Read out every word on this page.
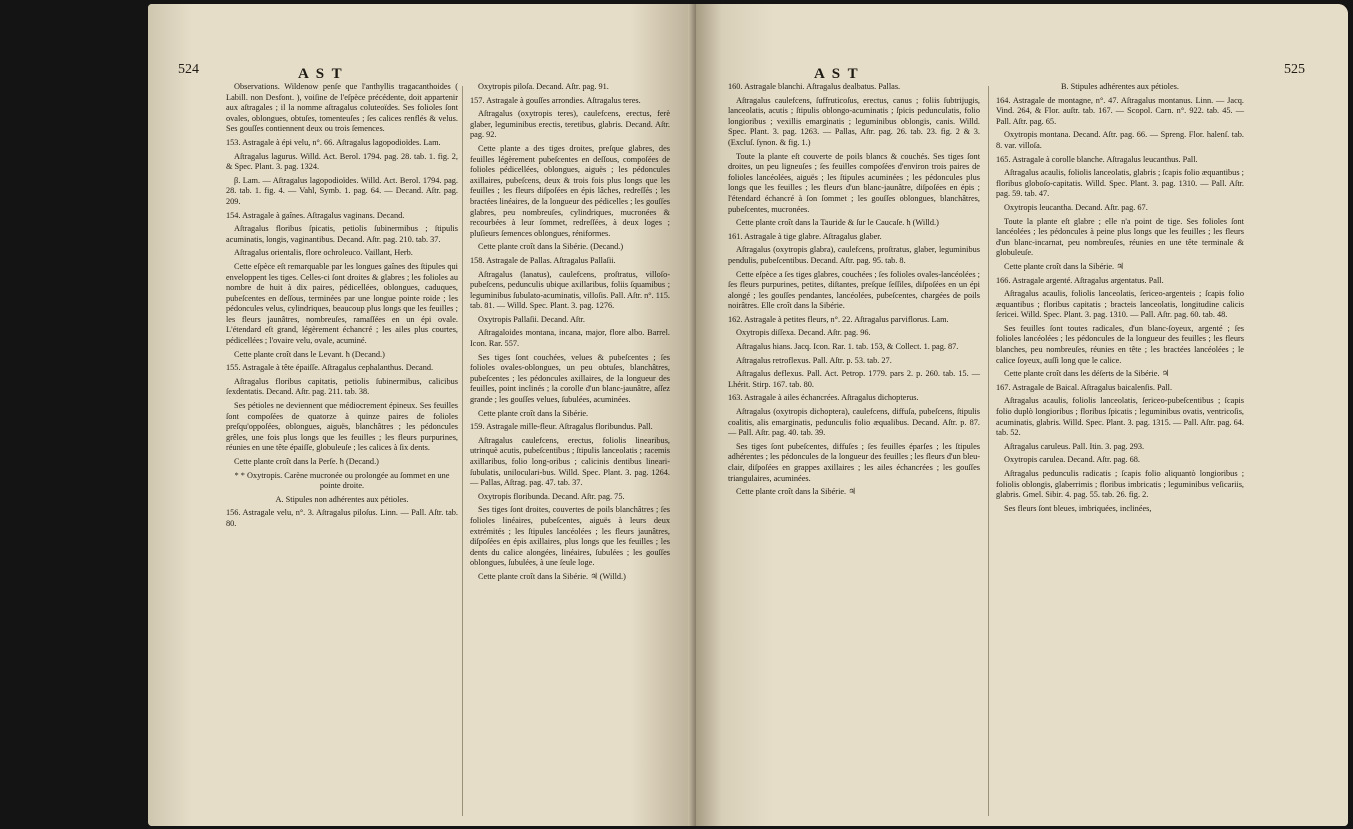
524	A S T

Observations. Wildenow penſe que l'anthyllis tragacanthoides ( Labill. non Desfont. ), voiſine de l'eſpèce précédente, doit appartenir aux aſtragales ; il la nomme aſtragalus coluteoïdes. Ses folioles ſont ovales, oblongues, obtuſes, tomenteuſes ; ſes calices renflés & velus. Ses gouſſes contiennent deux ou trois ſemences.

153. Astragale à épi velu, n°. 66. Aſtragalus lagopodioïdes. Lam.

Aſtragalus lagurus. Willd. Act. Berol. 1794. pag. 28. tab. 1. fig. 2, & Spec. Plant. 3. pag. 1324.

β. Lam. — Aſtragalus lagopodioïdes. Willd. Act. Berol. 1794. pag. 28. tab. 1. fig. 4. — Vahl, Symb. 1. pag. 64. — Decand. Aſtr. pag. 209.

154. Astragale à gaînes. Aſtragalus vaginans. Decand.

Aſtragalus floribus ſpicatis, petiolis ſubinermibus ; ſtipulis acuminatis, longis, vaginantibus. Decand. Aſtr. pag. 210. tab. 37.

Aſtragalus orientalis, flore ochroleuco. Vaillant, Herb.

Cette eſpèce eſt remarquable par les longues gaînes des ſtipules qui enveloppent les tiges. Celles-ci ſont droites & glabres ; les folioles au nombre de huit à dix paires, pédicellées, oblongues, caduques, pubeſcentes en deſſous, terminées par une longue pointe roide ; les pédoncules velus, cylindriques, beaucoup plus longs que les feuilles ; les fleurs jaunâtres, nombreuſes, ramaſſées en un épi ovale. L'étendard eſt grand, légèrement échancré ; les ailes plus courtes, pédicellées ; l'ovaire velu, ovale, acuminé.

Cette plante croît dans le Levant. ħ (Decand.)

155. Astragale à tête épaiſſe. Aſtragalus cephalanthus. Decand.

Aſtragalus floribus capitatis, petiolis ſubinermibus, calicibus ſexdentatis. Decand. Aſtr. pag. 211. tab. 38.

Ses pétioles ne deviennent que médiocrement épineux. Ses feuilles ſont compoſées de quatorze à quinze paires de folioles preſqu'oppoſées, oblongues, aiguës, blanchâtres ; les pédoncules grêles, une fois plus longs que les feuilles ; les fleurs purpurines, réunies en une tête épaiſſe, globuleuſe ; les calices à ſix dents.

Cette plante croît dans la Perſe. ħ (Decand.)

* * Oxytropis. Carène mucronée ou prolongée au ſommet en une pointe droite.

A. Stipules non adhérentes aux pétioles.

156. Astragale velu, n°. 3. Aſtragalus piloſus. Linn. — Pall. Aſtr. tab. 80.

Oxytropis piloſa. Decand. Aſtr. pag. 91.

157. Astragale à gouſſes arrondies. Aſtragalus teres.

Aſtragalus (oxytropis teres), caulefcens, erectus, ferè glaber, leguminibus erectis, teretibus, glabris. Decand. Aſtr. pag. 92.

Cette plante a des tiges droites, preſque glabres, des feuilles légèrement pubeſcentes en deſſous, compoſées de folioles pédicellées, oblongues, aiguës ; les pédoncules axillaires, pubeſcens, deux & trois fois plus longs que les feuilles ; les fleurs diſpoſées en épis lâches, redreſſés ; les bractées linéaires, de la longueur des pédicelles ; les gouſſes glabres, peu nombreuſes, cylindriques, mucronées & recourbées à leur ſommet, redreſſées, à deux loges ; pluſieurs ſemences oblongues, réniformes.

Cette plante croît dans la Sibérie. (Decand.)

158. Astragale de Pallas. Aſtragalus Pallaſii.

Aſtragalus (lanatus), caulefcens, proſtratus, villoſo-pubeſcens, pedunculis ubique axillaribus, foliis ſquamibus ; leguminibus ſubulato-acuminatis, villoſis. Pall. Aſtr. n°. 115. tab. 81. — Willd. Spec. Plant. 3. pag. 1276.

Oxytropis Pallaſii. Decand. Aſtr.

Aſtragaloides montana, incana, major, flore albo. Barrel. Icon. Rar. 557.

Ses tiges ſont couchées, velues & pubeſcentes ; ſes folioles ovales-oblongues, un peu obtuſes, blanchâtres, pubeſcentes ; les pédoncules axillaires, de la longueur des feuilles, point inclinés ; la corolle d'un blanc-jaunâtre, aſſez grande ; les gouſſes velues, ſubulées, acuminées.

Cette plante croît dans la Sibérie.

159. Astragale mille-fleur. Aſtragalus floribundus. Pall.

Aſtragalus caulefcens, erectus, foliolis linearibus, utrinquè acutis, pubeſcentibus ; ſtipulis lanceolatis ; racemis axillaribus, folio long-oribus ; calicinis dentibus lineari-ſubulatis, uniloculari-bus. Willd. Spec. Plant. 3. pag. 1264. — Pallas, Aſtrag. pag. 47. tab. 37.

Oxytropis floribunda. Decand. Aſtr. pag. 75.

Ses tiges ſont droites, couvertes de poils blanchâtres ; ſes folioles linéaires, pubeſcentes, aiguës à leurs deux extrémités ; les ſtipules lancéolées ; les fleurs jaunâtres, diſpoſées en épis axillaires, plus longs que les feuilles ; les dents du calice alongées, linéaires, ſubulées ; les gouſſes oblongues, ſubulées, à une ſeule loge.

Cette plante croît dans la Sibérie. ♃ (Willd.)

A S T	525

160. Astragale blanchi. Aſtragalus dealbatus. Pallas.

Aſtragalus caulefcens, ſuffruticoſus, erectus, canus ; foliis ſubtrijugis, lanceolatis, acutis ; ſtipulis oblongo-acuminatis ; ſpicis pedunculatis, folio longioribus ; vexillis emarginatis ; leguminibus oblongis, canis. Willd. Spec. Plant. 3. pag. 1263. — Pallas, Aſtr. pag. 26. tab. 23. fig. 2 & 3. (Excluſ. ſynon. & fig. 1.)

Toute la plante eſt couverte de poils blancs & couchés. Ses tiges ſont droites, un peu ligneuſes ; ſes feuilles compoſées d'environ trois paires de folioles lancéolées, aiguës ; les ſtipules acuminées ; les pédoncules plus longs que les feuilles ; les fleurs d'un blanc-jaunâtre, diſpoſées en épis ; l'étendard échancré à ſon ſommet ; les gouſſes oblongues, blanchâtres, pubeſcentes, mucronées.

Cette plante croît dans la Tauride & ſur le Caucaſe. ħ (Willd.)

161. Astragale à tige glabre. Aſtragalus glaber.

Aſtragalus (oxytropis glabra), caulefcens, proſtratus, glaber, leguminibus pendulis, pubeſcentibus. Decand. Aſtr. pag. 95. tab. 8.

Cette eſpèce a ſes tiges glabres, couchées ; ſes folioles ovales-lancéolées ; ſes fleurs purpurines, petites, diſtantes, preſque ſeſſiles, diſpoſées en un épi alongé ; les gouſſes pendantes, lancéolées, pubeſcentes, chargées de poils noirâtres. Elle croît dans la Sibérie.

162. Astragale à petites fleurs, n°. 22. Aſtragalus parviflorus. Lam.

Oxytropis diſſexa. Decand. Aſtr. pag. 96.

Aſtragalus hians. Jacq. Icon. Rar. 1. tab. 153, & Collect. 1. pag. 87.

Aſtragalus retroflexus. Pall. Aſtr. p. 53. tab. 27.

Aſtragalus deflexus. Pall. Act. Petrop. 1779. pars 2. p. 260. tab. 15. — Lhérit. Stirp. 167. tab. 80.

163. Astragale à ailes échancrées. Aſtragalus dichopterus.

Aſtragalus (oxytropis dichoptera), caulefcens, diffuſa, pubeſcens, ſtipulis coalitis, alis emarginatis, pedunculis folio æqualibus. Decand. Aſtr. p. 87. — Pall. Aſtr. pag. 40. tab. 39.

Ses tiges ſont pubeſcentes, diffuſes ; ſes feuilles éparſes ; les ſtipules adhérentes ; les pédoncules de la longueur des feuilles ; les fleurs d'un bleu-clair, diſpoſées en grappes axillaires ; les ailes échancrées ; les gouſſes triangulaires, acuminées.

Cette plante croît dans la Sibérie. ♃

B. Stipules adhérentes aux pétioles.

164. Astragale de montagne, n°. 47. Aſtragalus montanus. Linn. — Jacq. Vind. 264, & Flor. auſtr. tab. 167. — Scopol. Carn. n°. 922. tab. 45. — Pall. Aſtr. pag. 65.

Oxytropis montana. Decand. Aſtr. pag. 66. — Spreng. Flor. halenſ. tab. 8. var. villoſa.

165. Astragale à corolle blanche. Aſtragalus leucanthus. Pall.

Aſtragalus acaulis, foliolis lanceolatis, glabris ; ſcapis folio æquantibus ; floribus globoſo-capitatis. Willd. Spec. Plant. 3. pag. 1310. — Pall. Aſtr. pag. 59. tab. 47.

Oxytropis leucantha. Decand. Aſtr. pag. 67.

Toute la plante eſt glabre ; elle n'a point de tige. Ses folioles ſont lancéolées ; les pédoncules à peine plus longs que les feuilles ; les fleurs d'un blanc-incarnat, peu nombreuſes, réunies en une tête terminale & globuleuſe.

Cette plante croît dans la Sibérie. ♃

166. Astragale argenté. Aſtragalus argentatus. Pall.

Aſtragalus acaulis, foliolis lanceolatis, ſericeo-argenteis ; ſcapis folio æquantibus ; floribus capitatis ; bracteis lanceolatis, longitudine calicis ſericei. Willd. Spec. Plant. 3. pag. 1310. — Pall. Aſtr. pag. 60. tab. 48.

Ses feuilles ſont toutes radicales, d'un blanc-ſoyeux, argenté ; ſes folioles lancéolées ; les pédoncules de la longueur des feuilles ; les fleurs blanches, peu nombreuſes, réunies en tête ; les bractées lancéolées ; le calice ſoyeux, auſſi long que le calice.

Cette plante croît dans les déſerts de la Sibérie. ♃

167. Astragale de Baical. Aſtragalus baicalenſis. Pall.

Aſtragalus acaulis, foliolis lanceolatis, ſericeo-pubeſcentibus ; ſcapis folio duplò longioribus ; floribus ſpicatis ; leguminibus ovatis, ventricoſis, acuminatis, glabris. Willd. Spec. Plant. 3. pag. 1315. — Pall. Aſtr. pag. 64. tab. 52.

Aſtragalus caruleus. Pall. Itin. 3. pag. 293.

Oxytropis carulea. Decand. Aſtr. pag. 68.

Aſtragalus pedunculis radicatis ; ſcapis folio aliquantò longioribus ; foliolis oblongis, glaberrimis ; floribus imbricatis ; leguminibus veſicariis, glabris. Gmel. Sibir. 4. pag. 55. tab. 26. fig. 2.

Ses fleurs ſont bleues, imbriquées, inclinées,
